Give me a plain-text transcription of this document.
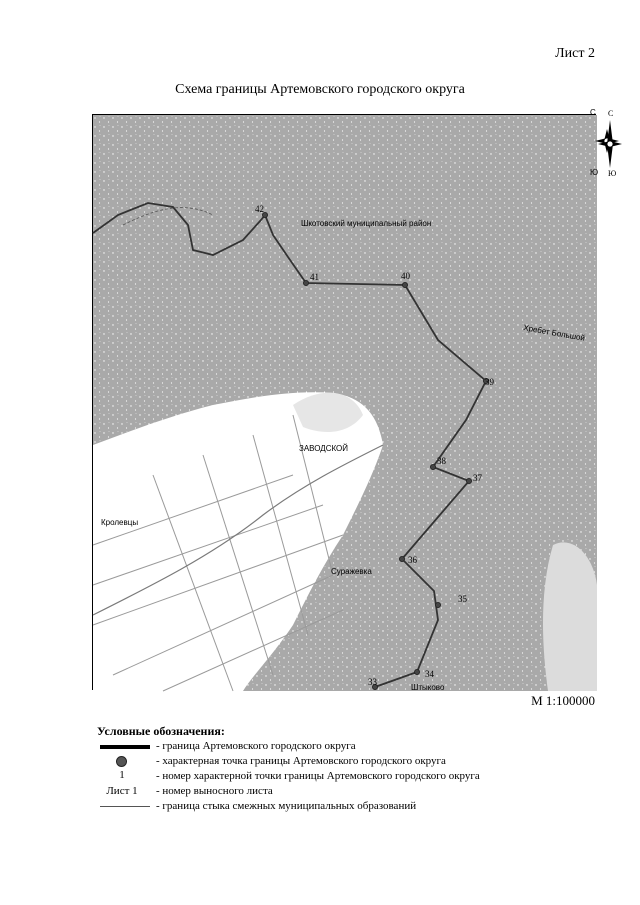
Лист 2
Схема границы Артемовского городского округа
42
41	40
39
38
37
36
35
34
33
Шкотовский муниципальный район
ЗАВОДСКОЙ
Кролевцы
Суражевка
Штыково
Хребет Большой
С
Ю
С
Ю
М 1:100000
Условные обозначения:
- граница Артемовского городского округа
- характерная точка границы Артемовского городского округа
1	- номер характерной точки границы Артемовского городского округа
Лист 1	- номер выносного листа
- граница стыка смежных муниципальных образований
